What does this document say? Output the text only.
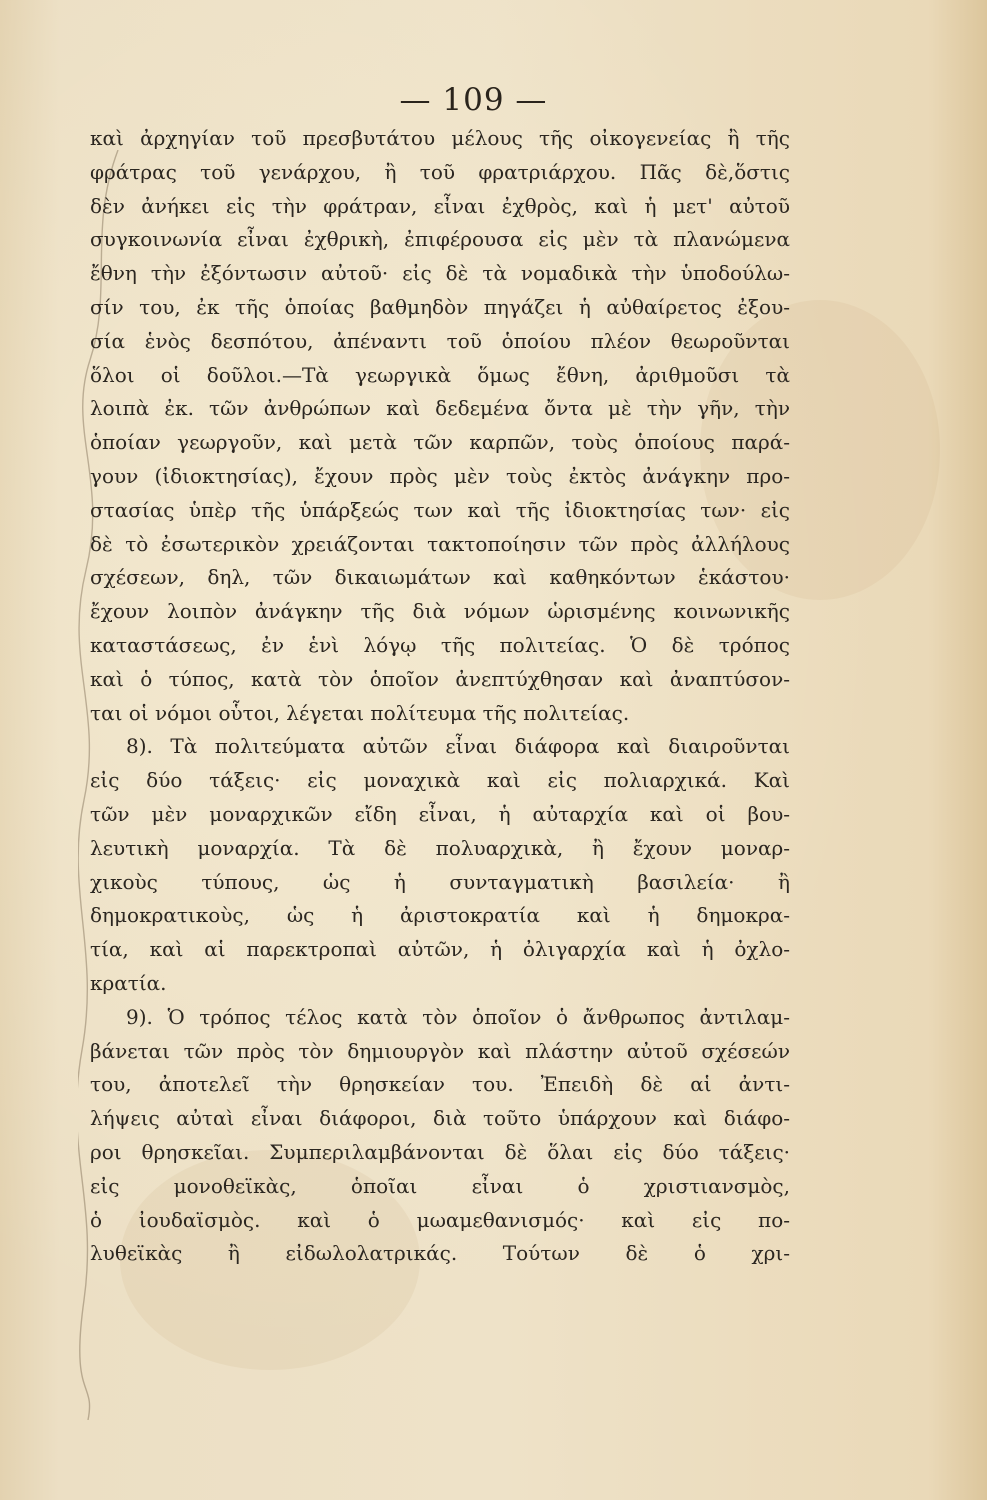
— 109 —
καὶ ἀρχηγίαν τοῦ πρεσβυτάτου μέλους τῆς οἰκογενείας ἢ τῆς
φράτρας τοῦ γενάρχου, ἢ τοῦ φρατριάρχου. Πᾶς δὲ,ὅστις
δὲν ἀνήκει εἰς τὴν φράτραν, εἶναι ἐχθρὸς, καὶ ἡ μετ' αὐτοῦ
συγκοινωνία εἶναι ἐχθρικὴ, ἐπιφέρουσα εἰς μὲν τὰ πλανώμενα
ἔθνη τὴν ἐξόντωσιν αὐτοῦ· εἰς δὲ τὰ νομαδικὰ τὴν ὑποδούλω-
σίν του, ἐκ τῆς ὁποίας βαθμηδὸν πηγάζει ἡ αὐθαίρετος ἐξου-
σία ἑνὸς δεσπότου, ἀπέναντι τοῦ ὁποίου πλέον θεωροῦνται
ὅλοι οἱ δοῦλοι.—Τὰ γεωργικὰ ὅμως ἔθνη, ἀριθμοῦσι τὰ
λοιπὰ ἐκ. τῶν ἀνθρώπων καὶ δεδεμένα ὄντα μὲ τὴν γῆν, τὴν
ὁποίαν γεωργοῦν, καὶ μετὰ τῶν καρπῶν, τοὺς ὁποίους παρά-
γουν (ἰδιοκτησίας), ἔχουν πρὸς μὲν τοὺς ἐκτὸς ἀνάγκην προ-
στασίας ὑπὲρ τῆς ὑπάρξεώς των καὶ τῆς ἰδιοκτησίας των· εἰς
δὲ τὸ ἐσωτερικὸν χρειάζονται τακτοποίησιν τῶν πρὸς ἀλλήλους
σχέσεων, δηλ, τῶν δικαιωμάτων καὶ καθηκόντων ἑκάστου·
ἔχουν λοιπὸν ἀνάγκην τῆς διὰ νόμων ὡρισμένης κοινωνικῆς
καταστάσεως, ἐν ἑνὶ λόγῳ τῆς πολιτείας. Ὁ δὲ τρόπος
καὶ ὁ τύπος, κατὰ τὸν ὁποῖον ἀνεπτύχθησαν καὶ ἀναπτύσον-
ται οἱ νόμοι οὗτοι, λέγεται πολίτευμα τῆς πολιτείας.
8). Τὰ πολιτεύματα αὐτῶν εἶναι διάφορα καὶ διαιροῦνται
εἰς δύο τάξεις· εἰς μοναχικὰ καὶ εἰς πολιαρχικά. Καὶ
τῶν μὲν μοναρχικῶν εἴδη εἶναι, ἡ αὐταρχία καὶ οἱ βου-
λευτικὴ μοναρχία. Τὰ δὲ πολυαρχικὰ, ἢ ἔχουν μοναρ-
χικοὺς τύπους, ὡς ἡ συνταγματικὴ βασιλεία· ἢ
δημοκρατικοὺς, ὡς ἡ ἀριστοκρατία καὶ ἡ δημοκρα-
τία, καὶ αἱ παρεκτροπαὶ αὐτῶν, ἡ ὀλιγαρχία καὶ ἡ ὀχλο-
κρατία.
9). Ὁ τρόπος τέλος κατὰ τὸν ὁποῖον ὁ ἄνθρωπος ἀντιλαμ-
βάνεται τῶν πρὸς τὸν δημιουργὸν καὶ πλάστην αὐτοῦ σχέσεών
του, ἀποτελεῖ τὴν θρησκείαν του. Ἐπειδὴ δὲ αἱ ἀντι-
λήψεις αὐταὶ εἶναι διάφοροι, διὰ τοῦτο ὑπάρχουν καὶ διάφο-
ροι θρησκεῖαι. Συμπεριλαμβάνονται δὲ ὅλαι εἰς δύο τάξεις·
εἰς μονοθεϊκὰς, ὁποῖαι εἶναι ὁ χριστιανσμὸς,
ὁ ἰουδαϊσμὸς. καὶ ὁ μωαμεθανισμός· καὶ εἰς πο-
λυθεϊκὰς ἢ εἰδωλολατρικάς. Τούτων δὲ ὁ χρι-
